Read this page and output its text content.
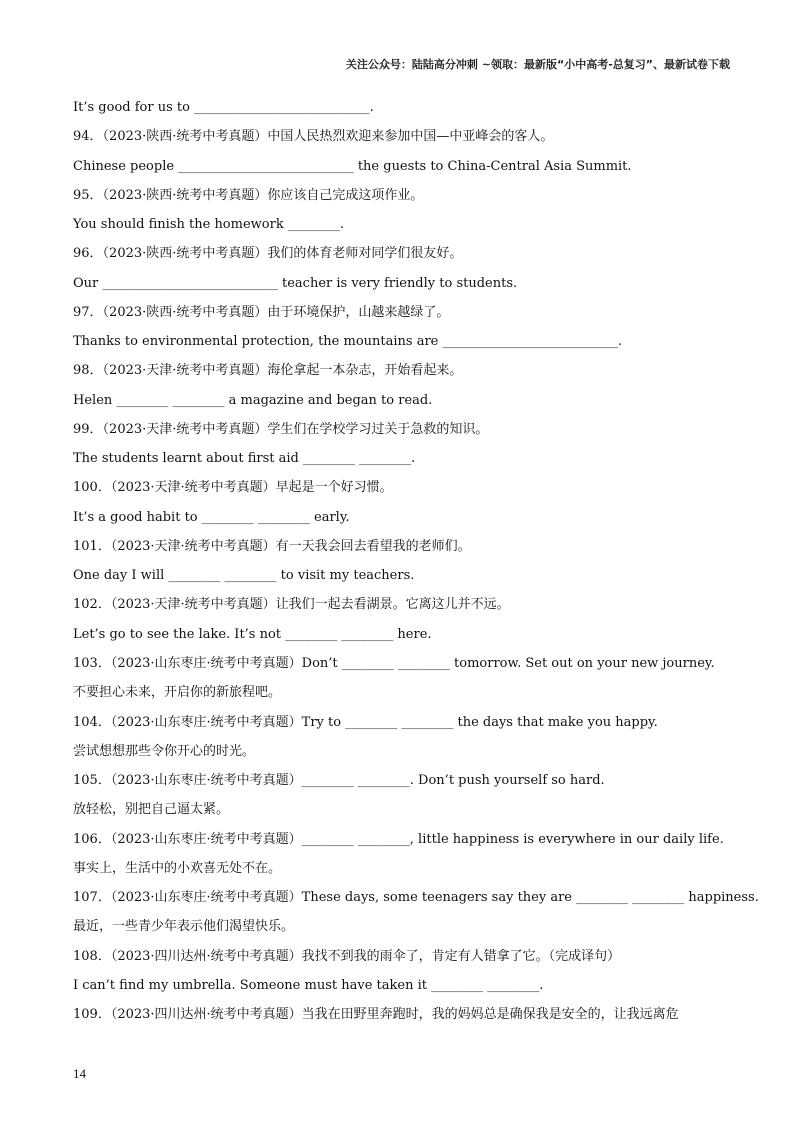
关注公众号：陆陆高分冲刺 ~领取：最新版“小中高考-总复习”、最新试卷下载
It’s good for us to ___________________________.
94．（2023·陕西·统考中考真题）中国人民热烈欢迎来参加中国—中亚峰会的客人。
Chinese people ___________________________ the guests to China-Central Asia Summit.
95．（2023·陕西·统考中考真题）你应该自己完成这项作业。
You should finish the homework ________.
96．（2023·陕西·统考中考真题）我们的体育老师对同学们很友好。
Our ___________________________ teacher is very friendly to students.
97．（2023·陕西·统考中考真题）由于环境保护，山越来越绿了。
Thanks to environmental protection, the mountains are ___________________________.
98．（2023·天津·统考中考真题）海伦拿起一本杂志，开始看起来。
Helen ________ ________ a magazine and began to read.
99．（2023·天津·统考中考真题）学生们在学校学习过关于急救的知识。
The students learnt about first aid ________ ________.
100．（2023·天津·统考中考真题）早起是一个好习惯。
It’s a good habit to ________ ________ early.
101．（2023·天津·统考中考真题）有一天我会回去看望我的老师们。
One day I will ________ ________ to visit my teachers.
102．（2023·天津·统考中考真题）让我们一起去看湖景。它离这儿并不远。
Let’s go to see the lake. It’s not ________ ________ here.
103．（2023·山东枣庄·统考中考真题）Don’t ________ ________ tomorrow. Set out on your new journey.
不要担心未来，开启你的新旅程吧。
104．（2023·山东枣庄·统考中考真题）Try to ________ ________ the days that make you happy.
尝试想想那些令你开心的时光。
105．（2023·山东枣庄·统考中考真题）________ ________. Don’t push yourself so hard.
放轻松，别把自己逼太紧。
106．（2023·山东枣庄·统考中考真题）________ ________, little happiness is everywhere in our daily life.
事实上，生活中的小欢喜无处不在。
107．（2023·山东枣庄·统考中考真题）These days, some teenagers say they are ________ ________ happiness.
最近，一些青少年表示他们渴望快乐。
108．（2023·四川达州·统考中考真题）我找不到我的雨伞了，肯定有人错拿了它。（完成译句）
I can’t find my umbrella. Someone must have taken it ________ ________.
109．（2023·四川达州·统考中考真题）当我在田野里奔跑时，我的妈妈总是确保我是安全的，让我远离危
14
